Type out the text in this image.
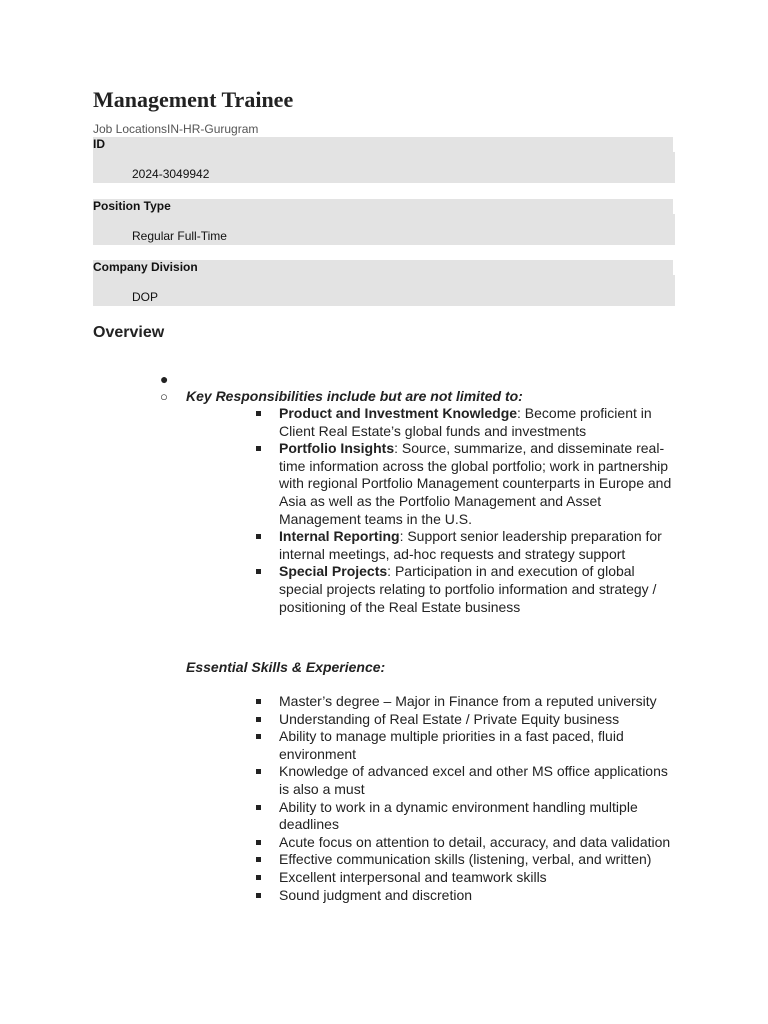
Management Trainee
Job LocationsIN-HR-Gurugram
ID
2024-3049942
Position Type
Regular Full-Time
Company Division
DOP
Overview
●
○ Key Responsibilities include but are not limited to:
Product and Investment Knowledge: Become proficient in Client Real Estate’s global funds and investments
Portfolio Insights: Source, summarize, and disseminate real-time information across the global portfolio; work in partnership with regional Portfolio Management counterparts in Europe and Asia as well as the Portfolio Management and Asset Management teams in the U.S.
Internal Reporting: Support senior leadership preparation for internal meetings, ad-hoc requests and strategy support
Special Projects: Participation in and execution of global special projects relating to portfolio information and strategy / positioning of the Real Estate business
Essential Skills & Experience:
Master’s degree – Major in Finance from a reputed university
Understanding of Real Estate / Private Equity business
Ability to manage multiple priorities in a fast paced, fluid environment
Knowledge of advanced excel and other MS office applications is also a must
Ability to work in a dynamic environment handling multiple deadlines
Acute focus on attention to detail, accuracy, and data validation
Effective communication skills (listening, verbal, and written)
Excellent interpersonal and teamwork skills
Sound judgment and discretion
